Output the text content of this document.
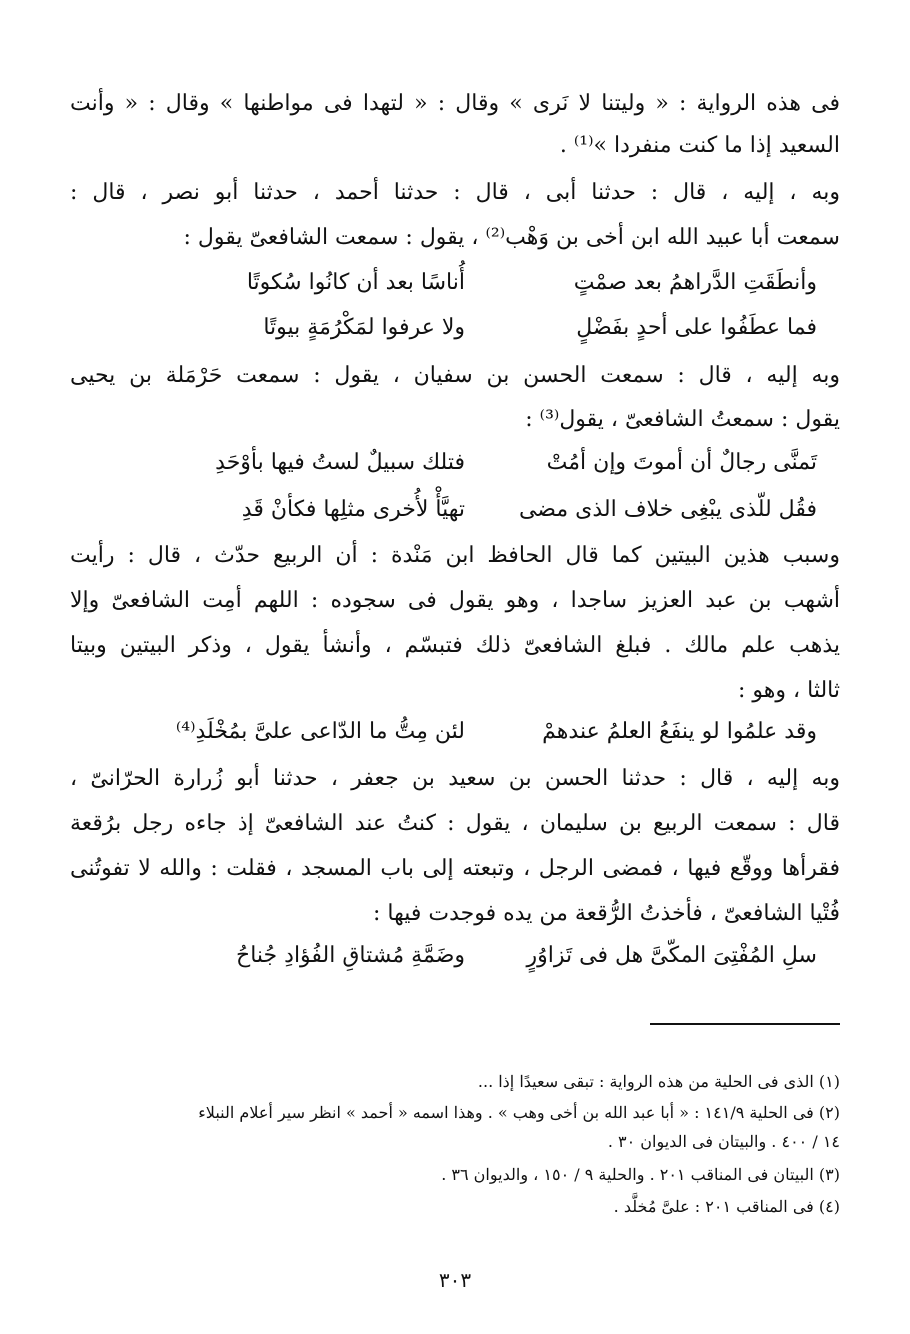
فى هذه الرواية : « وليتنا لا نَرى » وقال : « لتهدا فى مواطنها » وقال : « وأنت
السعيد إذا ما كنت منفردا »⁽¹⁾ .
وبه ، إليه ، قال : حدثنا أبى ، قال : حدثنا أحمد ، حدثنا أبو نصر ، قال :
سمعت أبا عبيد الله ابن أخى بن وَهْب⁽²⁾ ، يقول : سمعت الشافعىّ يقول :
وأنطَقَتِ الدَّراهمُ بعد صمْتٍ
أُناسًا بعد أن كانُوا سُكوتًا
فما عطَفُوا على أحدٍ بفَضْلٍ
ولا عرفوا لمَكْرُمَةٍ بيوتًا
وبه إليه ، قال : سمعت الحسن بن سفيان ، يقول : سمعت حَرْمَلة بن يحيى
يقول : سمعتُ الشافعىّ ، يقول⁽³⁾ :
تَمنَّى رجالٌ أن أموتَ وإن أمُتْ
فتلك سبيلٌ لستُ فيها بأوْحَدِ
فقُل للّذى يبْغِى خلاف الذى مضى
تهيَّأْ لأُخرى مثلِها فكأنْ قَدِ
وسبب هذين البيتين كما قال الحافظ ابن مَنْدة : أن الربيع حدّث ، قال : رأيت
أشهب بن عبد العزيز ساجدا ، وهو يقول فى سجوده : اللهم أمِت الشافعىّ وإلا
يذهب علم مالك . فبلغ الشافعىّ ذلك فتبسّم ، وأنشأ يقول ، وذكر البيتين وبيتا
ثالثا ، وهو :
وقد علمُوا لو ينفَعُ العلمُ عندهمْ
لئن مِتُّ ما الدّاعى علىَّ بمُخْلَدِ⁽⁴⁾
وبه إليه ، قال : حدثنا الحسن بن سعيد بن جعفر ، حدثنا أبو زُرارة الحرّانىّ ،
قال : سمعت الربيع بن سليمان ، يقول : كنتُ عند الشافعىّ إذ جاءه رجل برُقعة
فقرأها ووقّع فيها ، فمضى الرجل ، وتبعته إلى باب المسجد ، فقلت : والله لا تفوتُنى
فُتْيا الشافعىّ ، فأخذتُ الرُّقعة من يده فوجدت فيها :
سلِ المُفْتِىَ المكّىَّ هل فى تَزاوُرٍ
وضَمَّةِ مُشتاقِ الفُؤادِ جُناحُ
(١) الذى فى الحلية من هذه الرواية : تبقى سعيدًا إذا ...
(٢) فى الحلية ١٤١/٩ : « أبا عبد الله بن أخى وهب » . وهذا اسمه « أحمد » انظر سير أعلام النبلاء
١٤ / ٤٠٠ . والبيتان فى الديوان ٣٠ .
(٣) البيتان فى المناقب ٢٠١ . والحلية ٩ / ١٥٠ ، والديوان ٣٦ .
(٤) فى المناقب ٢٠١ : علىَّ مُخلَّد .
٣٠٣
